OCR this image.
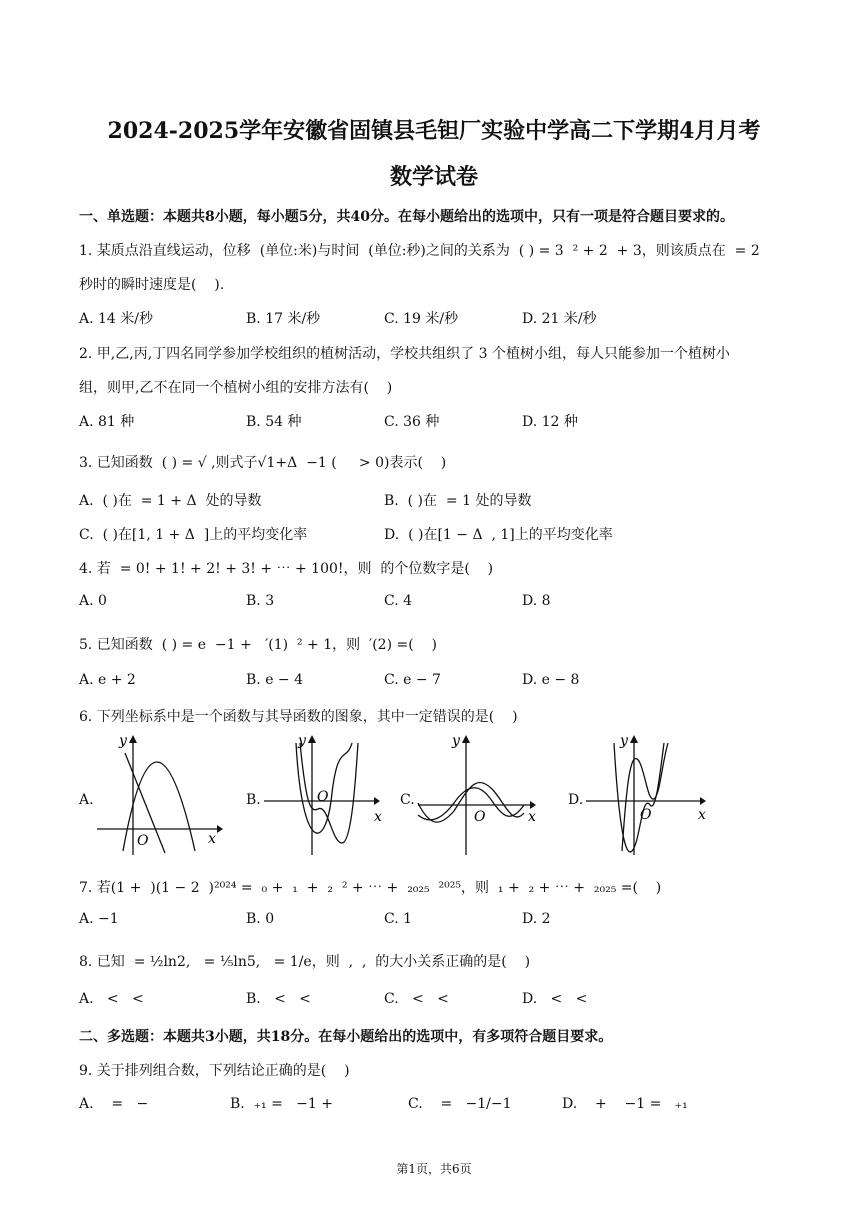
2024-2025学年安徽省固镇县毛钽厂实验中学高二下学期4月月考
数学试卷
一、单选题：本题共8小题，每小题5分，共40分。在每小题给出的选项中，只有一项是符合题目要求的。
1. 某质点沿直线运动，位移  (单位:米)与时间  (单位:秒)之间的关系为  ( ) = 3  ² + 2  + 3，则该质点在  = 2
秒时的瞬时速度是(    ).
A. 14 米/秒	B. 17 米/秒	C. 19 米/秒	D. 21 米/秒
2. 甲,乙,丙,丁四名同学参加学校组织的植树活动，学校共组织了 3 个植树小组，每人只能参加一个植树小
组，则甲,乙不在同一个植树小组的安排方法有(    )
A. 81 种	B. 54 种	C. 36 种	D. 12 种
3. 已知函数  ( ) = √ ,则式子√1+Δ  −1 (     > 0)表示(    )
A.  ( )在  = 1 + Δ  处的导数	B.  ( )在  = 1 处的导数
C.  ( )在[1, 1 + Δ  ]上的平均变化率	D.  ( )在[1 − Δ  , 1]上的平均变化率
4. 若  = 0! + 1! + 2! + 3! + ⋯ + 100!，则  的个位数字是(    )
A. 0	B. 3	C. 4	D. 8
5. 已知函数  ( ) = e  −1 +   ′(1)  ² + 1，则  ′(2) =(    )
A. e + 2	B. e − 4	C. e − 7	D. e − 8
6. 下列坐标系中是一个函数与其导函数的图象，其中一定错误的是(    )
A.
y
x
O
B.
y
x
O	C.
y
x
O
D.
y
x
O
7. 若(1 +  )(1 − 2  )²⁰²⁴ =  ₀ +  ₁  +  ₂  ² + ⋯ +  ₂₀₂₅  ²⁰²⁵，则  ₁ +  ₂ + ⋯ +  ₂₀₂₅ =(    )
A. −1	B. 0	C. 1	D. 2
8. 已知  = ½ln2,   = ⅕ln5,   = 1/e，则  ,  ,  的大小关系正确的是(    )
A.   <   <	B.   <   <	C.   <   <	D.   <   <
二、多选题：本题共3小题，共18分。在每小题给出的选项中，有多项符合题目要求。
9. 关于排列组合数，下列结论正确的是(    )
A.    =   −	B.  ₊₁ =   −1 +	C.    =   −1/−1	D.    +    −1 =   ₊₁
第1页，共6页
